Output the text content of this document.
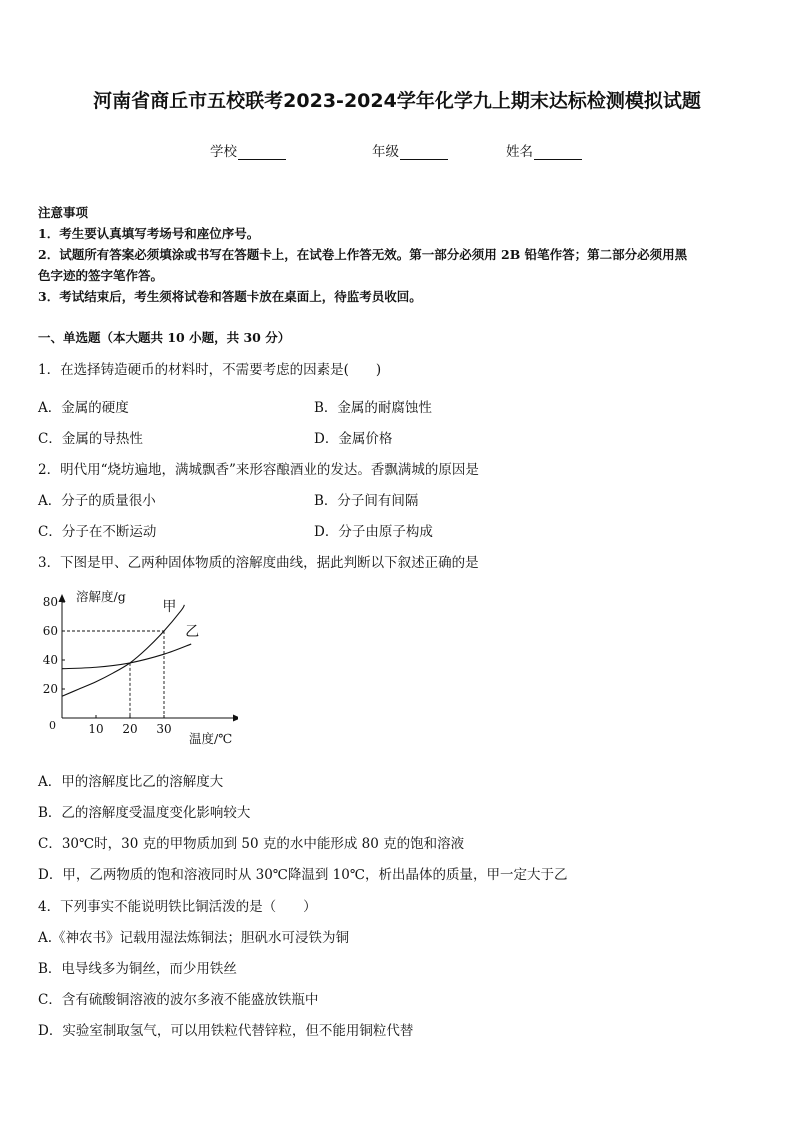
河南省商丘市五校联考2023-2024学年化学九上期末达标检测模拟试题
学校	年级	姓名
注意事项
1．考生要认真填写考场号和座位序号。
2．试题所有答案必须填涂或书写在答题卡上，在试卷上作答无效。第一部分必须用 2B 铅笔作答；第二部分必须用黑
色字迹的签字笔作答。
3．考试结束后，考生须将试卷和答题卡放在桌面上，待监考员收回。
一、单选题（本大题共 10 小题，共 30 分）
1．在选择铸造硬币的材料时，不需要考虑的因素是(　　)
A．金属的硬度	B．金属的耐腐蚀性
C．金属的导热性	D．金属价格
2．明代用“烧坊遍地，满城飘香”来形容酿酒业的发达。香飘满城的原因是
A．分子的质量很小	B．分子间有间隔
C．分子在不断运动	D．分子由原子构成
3．下图是甲、乙两种固体物质的溶解度曲线，据此判断以下叙述正确的是
10 20 30
20
40
60
80
0
溶解度/g
温度/℃
甲
乙
A．甲的溶解度比乙的溶解度大
B．乙的溶解度受温度变化影响较大
C．30℃时，30 克的甲物质加到 50 克的水中能形成 80 克的饱和溶液
D．甲，乙两物质的饱和溶液同时从 30℃降温到 10℃，析出晶体的质量，甲一定大于乙
4．下列事实不能说明铁比铜活泼的是（　　）
A.《神农书》记载用湿法炼铜法；胆矾水可浸铁为铜
B．电导线多为铜丝，而少用铁丝
C．含有硫酸铜溶液的波尔多液不能盛放铁瓶中
D．实验室制取氢气，可以用铁粒代替锌粒，但不能用铜粒代替
